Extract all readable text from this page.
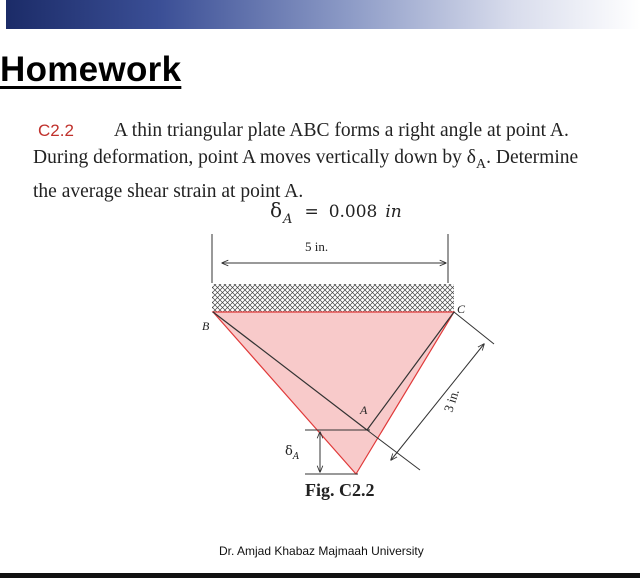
Homework
C2.2 A thin triangular plate ABC forms a right angle at point A.
During deformation, point A moves vertically down by $\delta_A$. Determine
the average shear strain at point A.
$\delta_A = 0.008$ in
5 in.
3 in.
$\delta_A$
B
C
A
Fig. C2.2
Dr. Amjad Khabaz Majmaah University
